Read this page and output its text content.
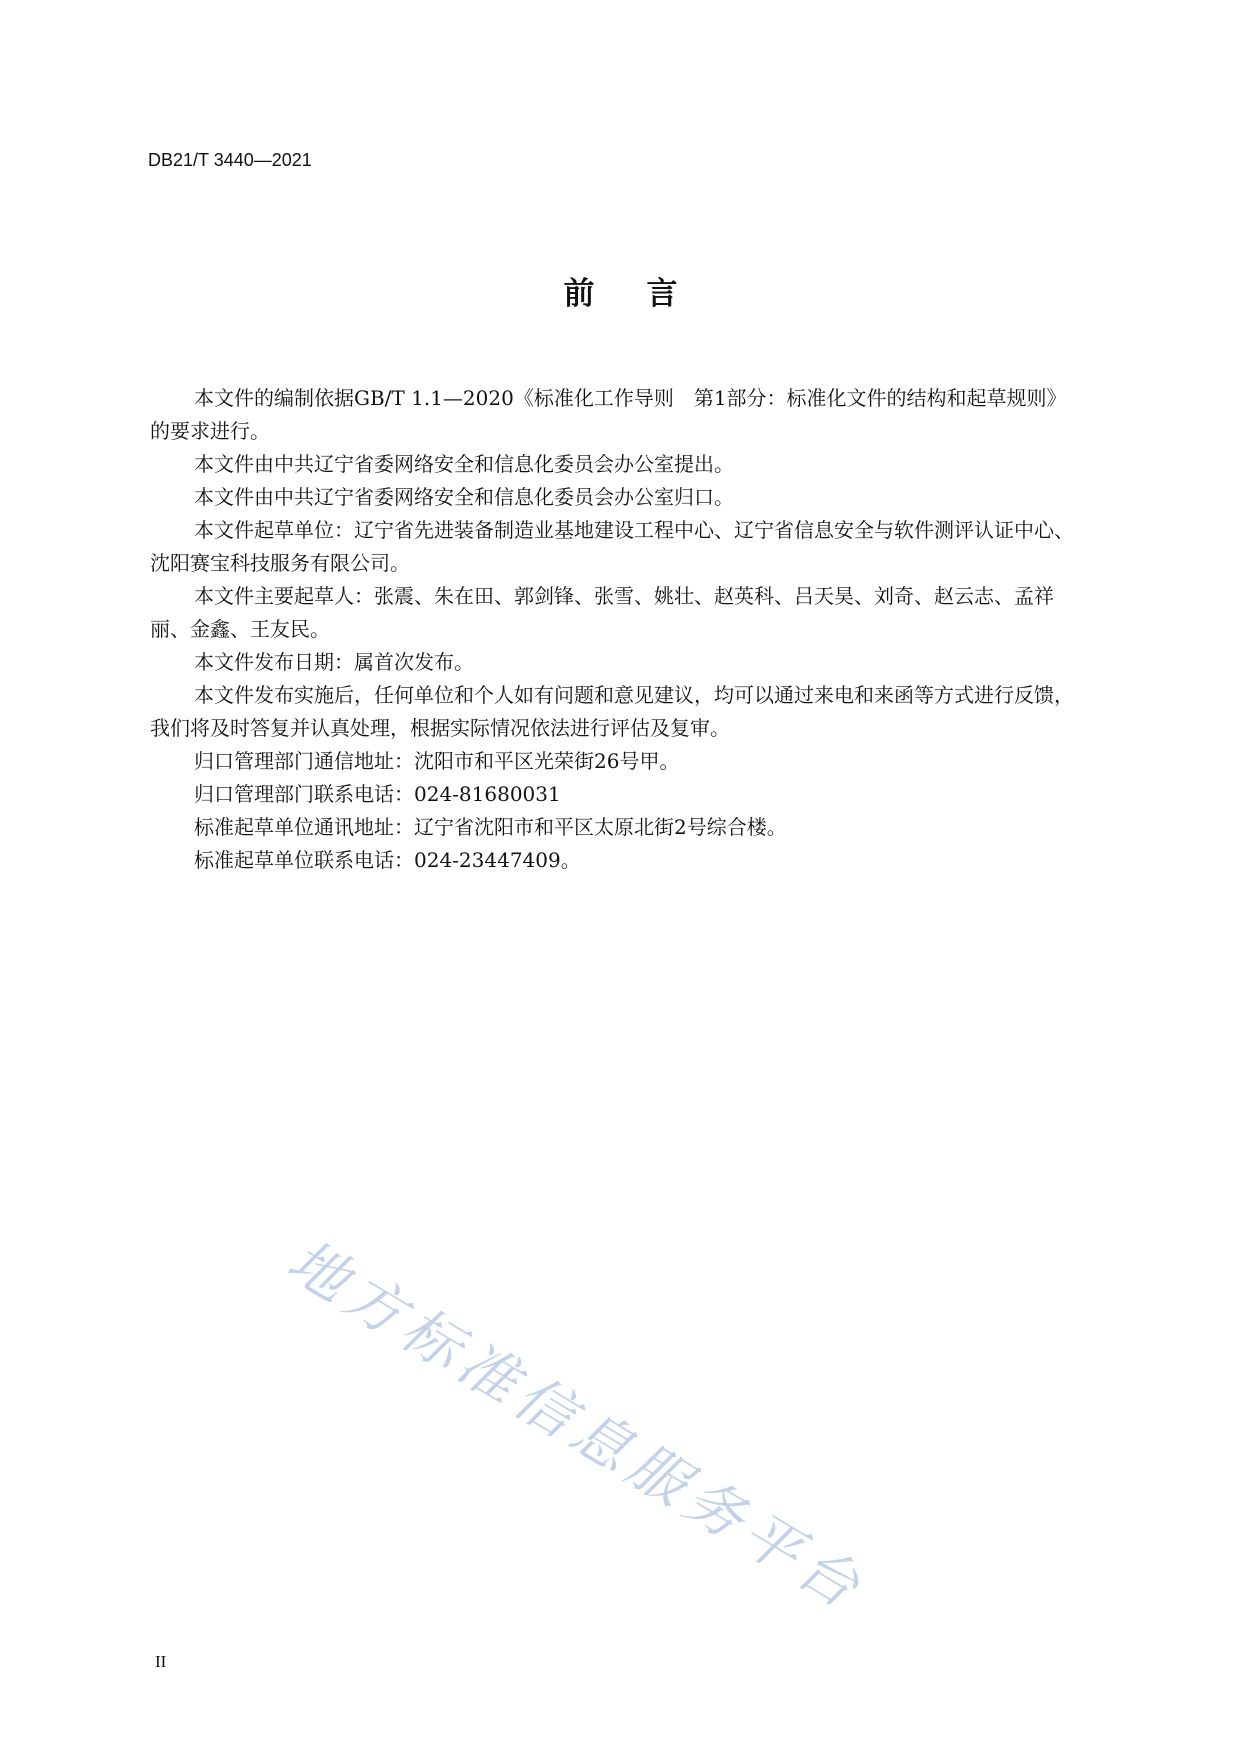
DB21/T 3440—2021
前言
本文件的编制依据GB/T 1.1—2020《标准化工作导则　第1部分：标准化文件的结构和起草规则》
的要求进行。
本文件由中共辽宁省委网络安全和信息化委员会办公室提出。
本文件由中共辽宁省委网络安全和信息化委员会办公室归口。
本文件起草单位：辽宁省先进装备制造业基地建设工程中心、辽宁省信息安全与软件测评认证中心、
沈阳赛宝科技服务有限公司。
本文件主要起草人：张震、朱在田、郭剑锋、张雪、姚壮、赵英科、吕天昊、刘奇、赵云志、孟祥
丽、金鑫、王友民。
本文件发布日期：属首次发布。
本文件发布实施后，任何单位和个人如有问题和意见建议，均可以通过来电和来函等方式进行反馈，
我们将及时答复并认真处理，根据实际情况依法进行评估及复审。
归口管理部门通信地址：沈阳市和平区光荣街26号甲。
归口管理部门联系电话：024-81680031
标准起草单位通讯地址：辽宁省沈阳市和平区太原北街2号综合楼。
标准起草单位联系电话：024-23447409。
地方标准信息服务平台
II
